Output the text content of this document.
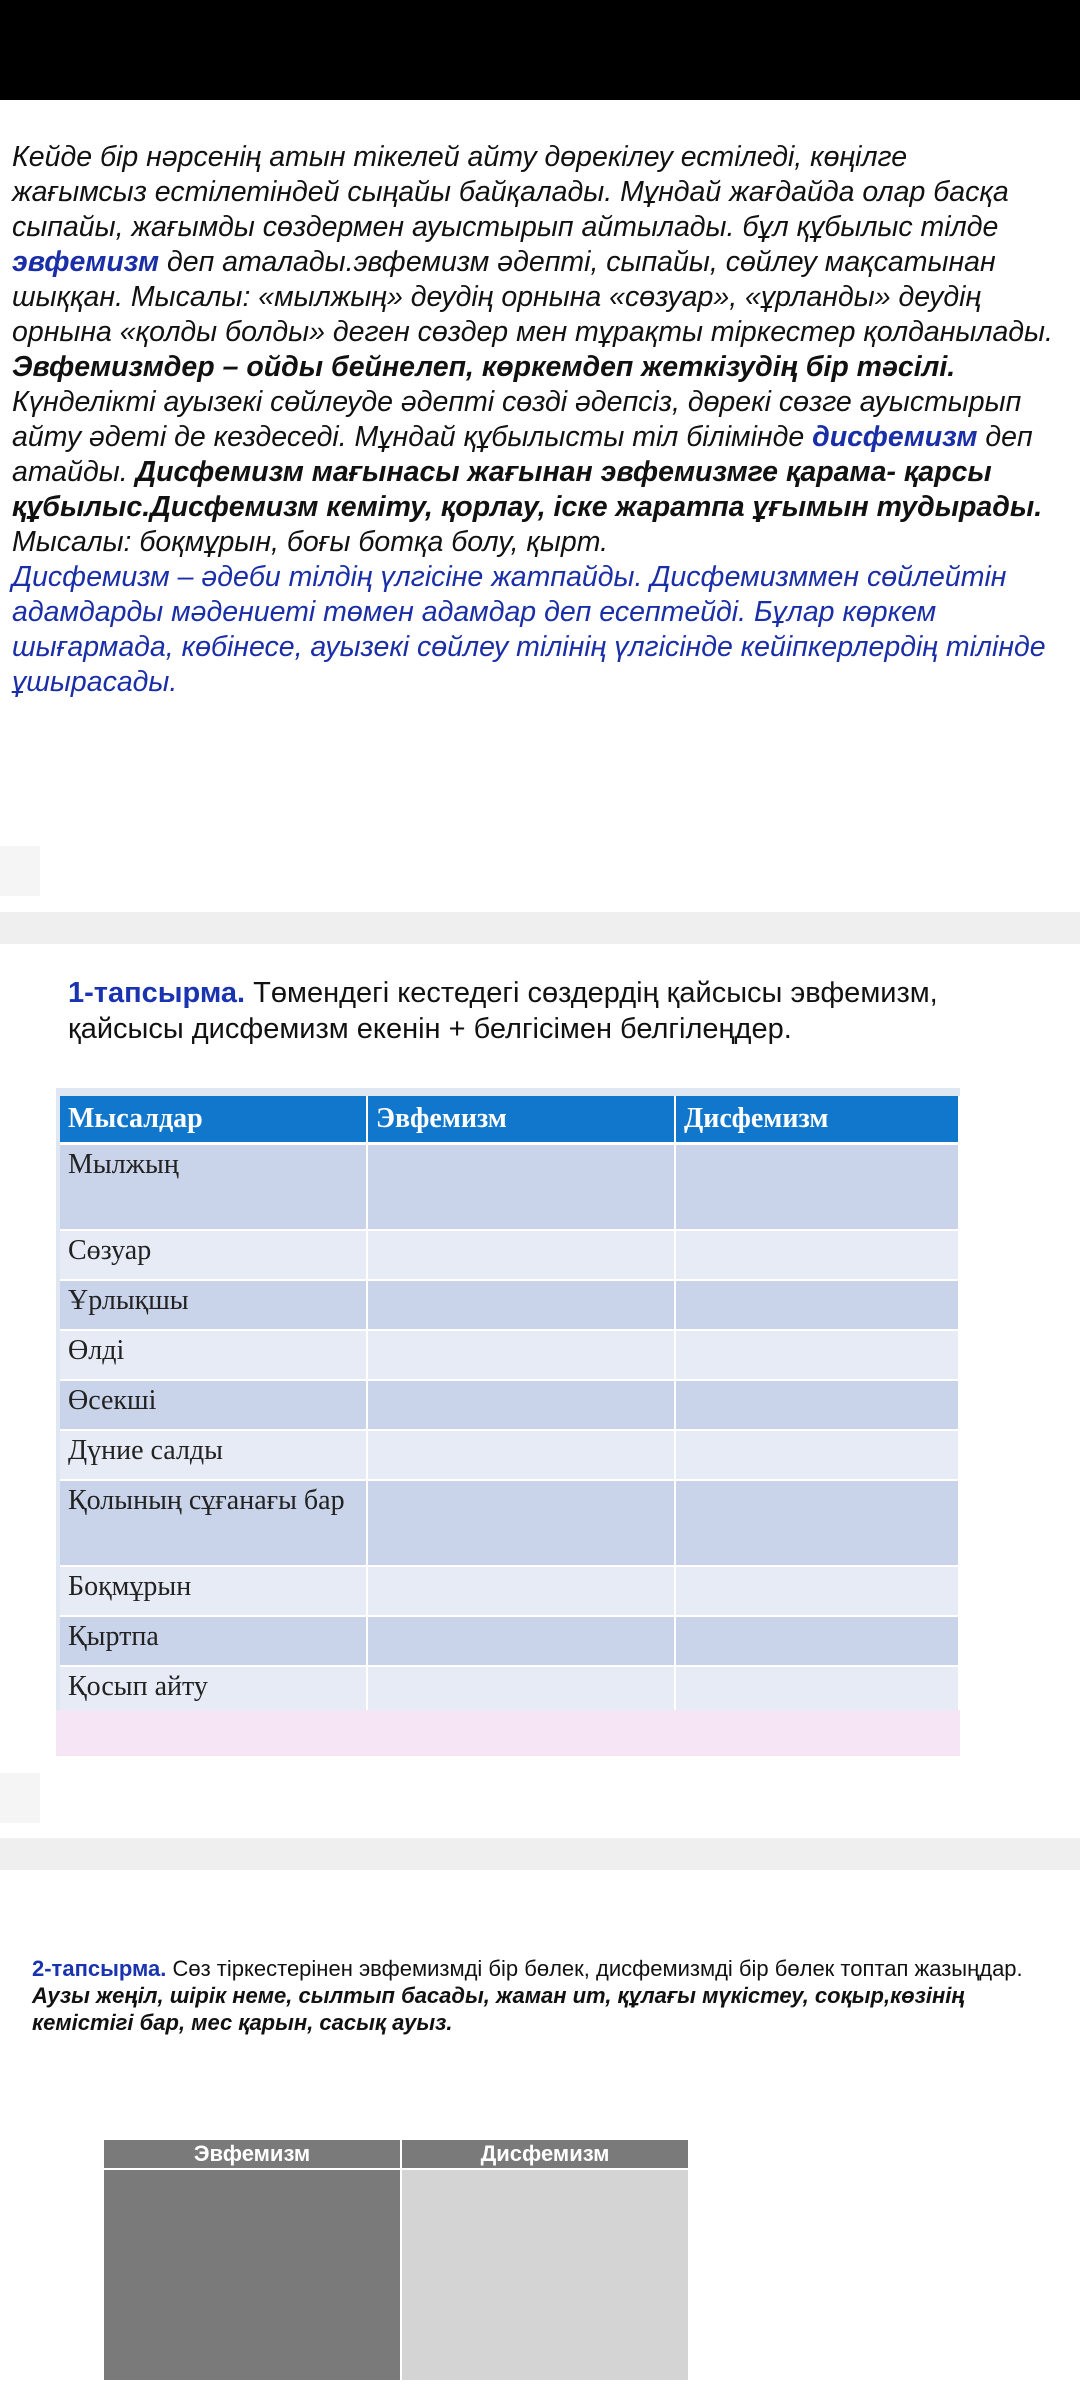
Кейде бір нәрсенің атын тікелей айту дөрекілеу естіледі, көңілге
жағымсыз естілетіндей сыңайы байқалады. Мұндай жағдайда олар басқа
сыпайы, жағымды сөздермен ауыстырып айтылады. бұл құбылыс тілде
эвфемизм деп аталады.эвфемизм әдепті, сыпайы, сөйлеу мақсатынан
шыққан. Мысалы: «мылжың» деудің орнына «сөзуар», «ұрланды» деудің
орнына «қолды болды» деген сөздер мен тұрақты тіркестер қолданылады.
Эвфемизмдер – ойды бейнелеп, көркемдеп жеткізудің бір тәсілі.
Күнделікті ауызекі сөйлеуде әдепті сөзді әдепсіз, дөрекі сөзге ауыстырып
айту әдеті де кездеседі. Мұндай құбылысты тіл білімінде дисфемизм деп
атайды. Дисфемизм мағынасы жағынан эвфемизмге қарама- қарсы
құбылыс.Дисфемизм кеміту, қорлау, іске жаратпа ұғымын тудырады.
Мысалы: боқмұрын, боғы ботқа болу, қырт.
Дисфемизм – әдеби тілдің үлгісіне жатпайды. Дисфемизммен сөйлейтін
адамдарды мәдениеті төмен адамдар деп есептейді. Бұлар көркем
шығармада, көбінесе, ауызекі сөйлеу тілінің үлгісінде кейіпкерлердің тілінде
ұшырасады.
1-тапсырма. Төмендегі кестедегі сөздердің қайсысы эвфемизм,
қайсысы дисфемизм екенін + белгісімен белгілеңдер.
Мысалдар	Эвфемизм	Дисфемизм
Мылжың		
Сөзуар		
Ұрлықшы		
Өлді		
Өсекші		
Дүние салды		
Қолының сұғанағы бар		
Боқмұрын		
Қыртпа		
Қосып айту		
2-тапсырма. Сөз тіркестерінен эвфемизмді бір бөлек, дисфемизмді бір бөлек топтап жазыңдар.
Аузы жеңіл, шірік неме, сылтып басады, жаман ит, құлағы мүкістеу, соқыр,көзінің
кемістігі бар, мес қарын, сасық ауыз.
Эвфемизм	Дисфемизм
